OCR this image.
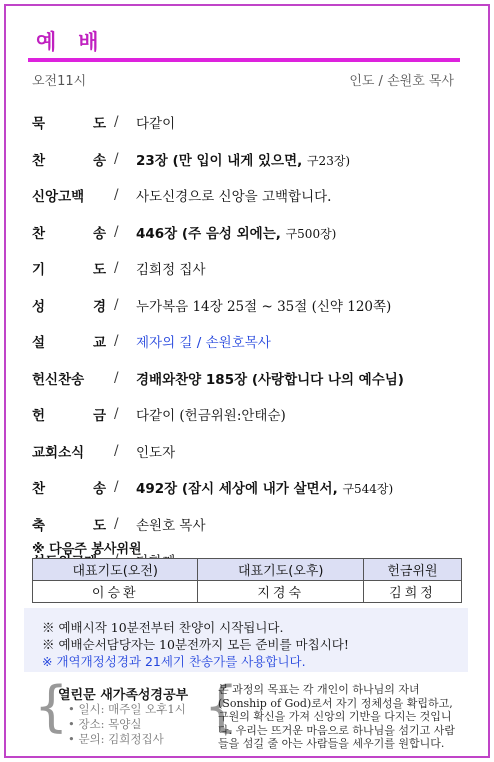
예배
오전11시	인도 / 손원호 목사
묵	도 /	다같이
찬	송 /	23장 (만 입이 내게 있으면, 구23장)
신앙고백	/	사도신경으로 신앙을 고백합니다.
찬	송 /	446장 (주 음성 외에는, 구500장)
기	도 /	김희정 집사
성	경 /	누가복음 14장 25절 ~ 35절 (신약 120쪽)
설	교 /	제자의 길 / 손원호목사
헌신찬송	/	경배와찬양 185장 (사랑합니다 나의 예수님)
헌	금 /	다같이 (헌금위원:안태순)
교회소식	/	인도자
찬	송 /	492장 (잠시 세상에 내가 살면서, 구544장)
축	도 /	손원호 목사
※ 다음주 봉사위원
대표기도(오전)	대표기도(오후)	헌금위원
이승환	지경숙	김희정
※ 예배시작 10분전부터 찬양이 시작됩니다.
※ 예배순서담당자는 10분전까지 모든 준비를 마칩시다!
※ 개역개정성경과 21세기 찬송가를 사용합니다.
{
열린문 새가족성경공부
• 일시: 매주일 오후1시
• 장소: 목양실
• 문의: 김희정집사
{
본 과정의 목표는 각 개인이 하나님의 자녀(Sonship of God)로서 자기 정체성을 확립하고, 구원의 확신을 가져 신앙의 기반을 다지는 것입니다. 우리는 뜨거운 마음으로 하나님을 섬기고 사람들을 섬길 줄 아는 사람들을 세우기를 원합니다.
